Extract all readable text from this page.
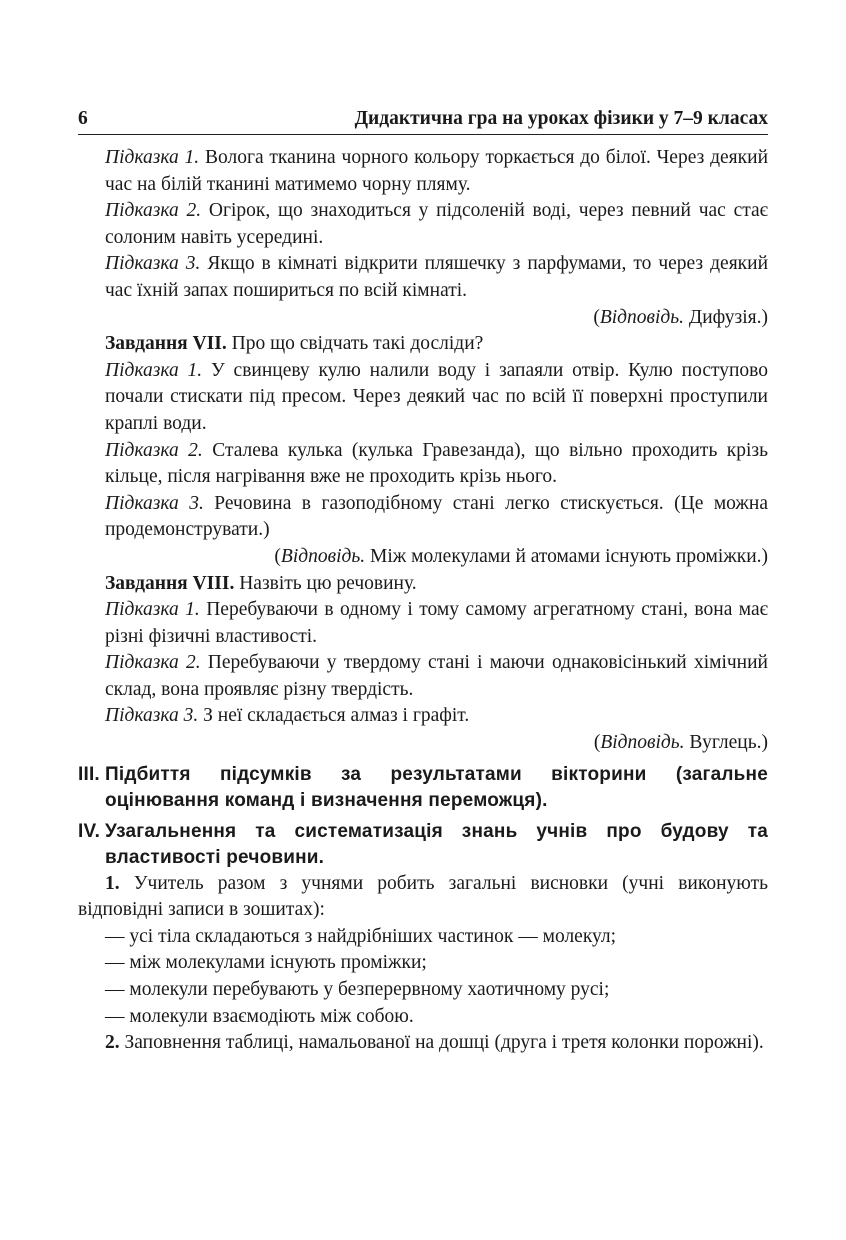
6	Дидактична гра на уроках фізики у 7–9 класах

Підказка 1. Волога тканина чорного кольору торкається до білої. Через деякий час на білій тканині матимемо чорну пляму.

Підказка 2. Огірок, що знаходиться у підсоленій воді, через певний час стає солоним навіть усередині.

Підказка 3. Якщо в кімнаті відкрити пляшечку з парфумами, то через деякий час їхній запах пошириться по всій кімнаті.

(Відповідь. Дифузія.)

Завдання VII. Про що свідчать такі досліди?

Підказка 1. У свинцеву кулю налили воду і запаяли отвір. Кулю поступово почали стискати під пресом. Через деякий час по всій її поверхні проступили краплі води.

Підказка 2. Сталева кулька (кулька Гравезанда), що вільно проходить крізь кільце, після нагрівання вже не проходить крізь нього.

Підказка 3. Речовина в газоподібному стані легко стискується. (Це можна продемонструвати.)

(Відповідь. Між молекулами й атомами існують проміжки.)

Завдання VIII. Назвіть цю речовину.

Підказка 1. Перебуваючи в одному і тому самому агрегатному стані, вона має різні фізичні властивості.

Підказка 2. Перебуваючи у твердому стані і маючи однаковісінький хімічний склад, вона проявляє різну твердість.

Підказка 3. З неї складається алмаз і графіт.

(Відповідь. Вуглець.)

III. Підбиття підсумків за результатами вікторини (загальне оцінювання команд і визначення переможця).

IV. Узагальнення та систематизація знань учнів про будову та властивості речовини.

1. Учитель разом з учнями робить загальні висновки (учні виконують відповідні записи в зошитах):

— усі тіла складаються з найдрібніших частинок — молекул;

— між молекулами існують проміжки;

— молекули перебувають у безперервному хаотичному русі;

— молекули взаємодіють між собою.

2. Заповнення таблиці, намальованої на дошці (друга і третя колонки порожні).
